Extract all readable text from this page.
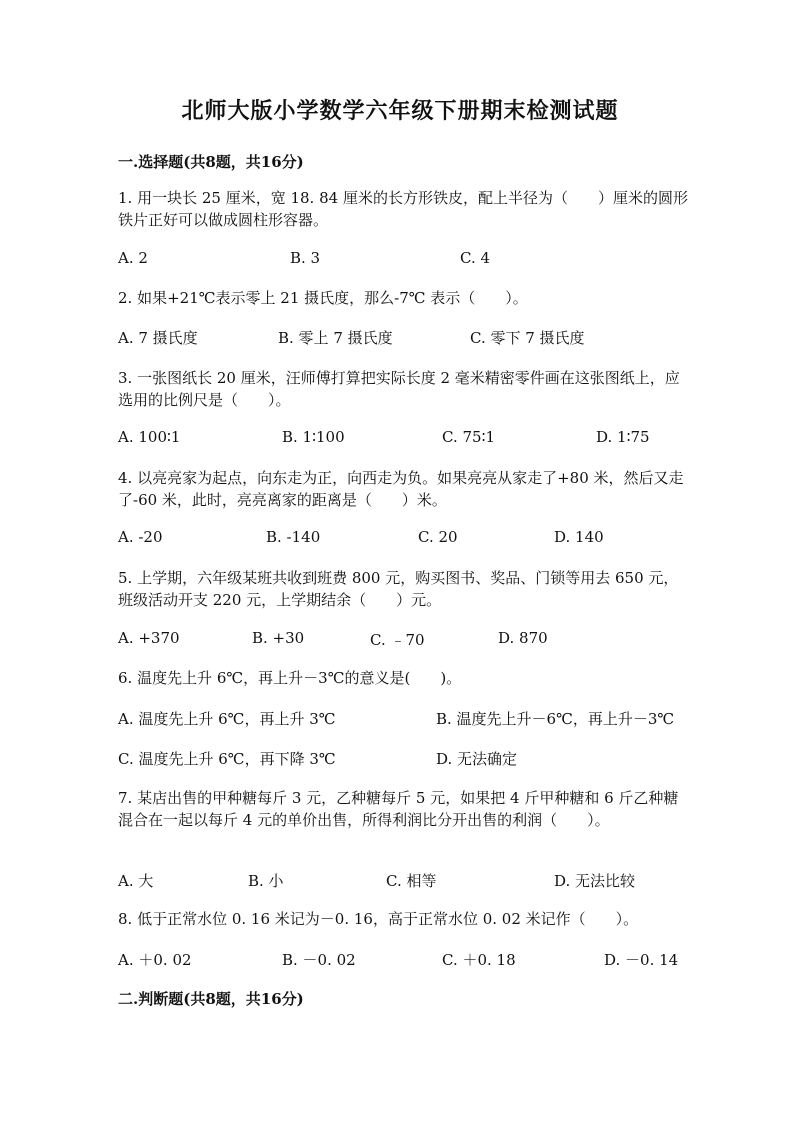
北师大版小学数学六年级下册期末检测试题
一.选择题(共8题，共16分)
1. 用一块长 25 厘米，宽 18. 84 厘米的长方形铁皮，配上半径为（　　）厘米的圆形铁片正好可以做成圆柱形容器。
A. 2	B. 3	C. 4
2. 如果+21℃表示零上 21 摄氏度，那么-7℃ 表示（　　）。
A. 7 摄氏度	B. 零上 7 摄氏度	C. 零下 7 摄氏度
3. 一张图纸长 20 厘米，汪师傅打算把实际长度 2 毫米精密零件画在这张图纸上，应选用的比例尺是（　　）。
A. 100∶1	B. 1∶100	C. 75∶1	D. 1∶75
4. 以亮亮家为起点，向东走为正，向西走为负。如果亮亮从家走了+80 米，然后又走了-60 米，此时，亮亮离家的距离是（　　）米。
A. -20	B. -140	C. 20	D. 140
5. 上学期，六年级某班共收到班费 800 元，购买图书、奖品、门锁等用去 650 元，班级活动开支 220 元，上学期结余（　　）元。
A. +370	B. +30	C. ﹣70	D. 870
6. 温度先上升 6℃，再上升－3℃的意义是(　　)。
A. 温度先上升 6℃，再上升 3℃	B. 温度先上升－6℃，再上升－3℃
C. 温度先上升 6℃，再下降 3℃	D. 无法确定
7. 某店出售的甲种糖每斤 3 元，乙种糖每斤 5 元，如果把 4 斤甲种糖和 6 斤乙种糖混合在一起以每斤 4 元的单价出售，所得利润比分开出售的利润（　　）。
A. 大	B. 小	C. 相等	D. 无法比较
8. 低于正常水位 0. 16 米记为－0. 16，高于正常水位 0. 02 米记作（　　）。
A. ＋0. 02	B. －0. 02	C. ＋0. 18	D. －0. 14
二.判断题(共8题，共16分)
